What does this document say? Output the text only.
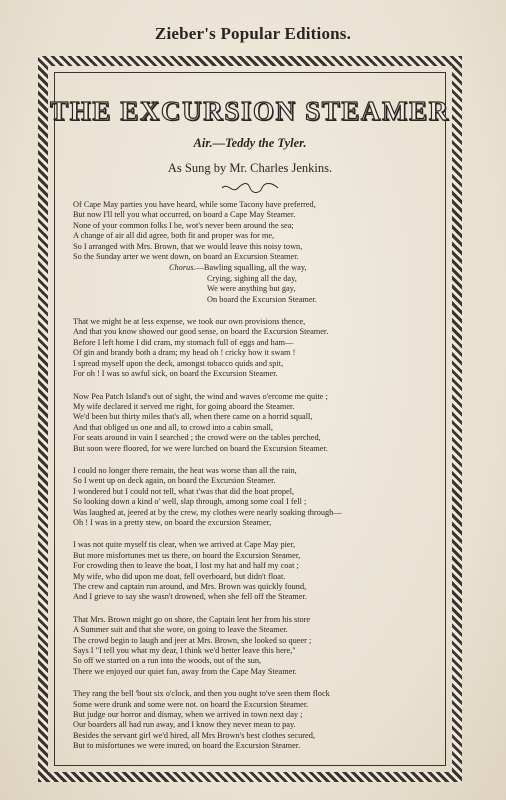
Zieber's Popular Editions.
THE EXCURSION STEAMER
Air.—Teddy the Tyler.
As Sung by Mr. Charles Jenkins.
Of Cape May parties you have heard, while some Tacony have preferred,
But now I'll tell you what occurred, on board a Cape May Steamer.
None of your common folks I be, wot's never been around the sea;
A change of air all did agree, both fit and proper was for me,
So I arranged with Mrs. Brown, that we would leave this noisy town,
So the Sunday arter we went down, on board an Excursion Steamer.
Chorus.—Bawling squalling, all the way,
Crying, sighing all the day,
We were anything but gay,
On board the Excursion Steamer.
That we might be at less expense, we took our own provisions thence,
And that you know showed our good sense, on board the Excursion Steamer.
Before I left home I did cram, my stomach full of eggs and ham—
Of gin and brandy both a dram; my head oh ! cricky how it swam !
I spread myself upon the deck, amongst tobacco quids and spit,
For oh ! I was so awful sick, on board the Excursion Steamer.
Now Pea Patch Island's out of sight, the wind and waves o'ercome me quite ;
My wife declared it served me right, for going aboard the Steamer.
We'd been but thirty miles that's all, when there came on a horrid squall,
And that obliged us one and all, to crowd into a cabin small,
For seats around in vain I searched ; the crowd were on the tables perched,
But soon were floored, for we were lurched on board the Excursion Steamer.
I could no longer there remain, the heat was worse than all the rain,
So I went up on deck again, on board the Excursion Steamer.
I wondered but I could not tell, what t'was that did the boat propel,
So looking down a kind o' well, slap through, among some coal I fell ;
Was laughed at, jeered at by the crew, my clothes were nearly soaking through—
Oh ! I was in a pretty stew, on board the excursion Steamer,
I was not quite myself tis clear, when we arrived at Cape May pier,
But more misfortunes met us there, on board the Excursion Steamer,
For crowding then to leave the boat, I lost my hat and half my coat ;
My wife, who did upon me doat, fell overboard, but didn't float.
The crew and captain run around, and Mrs. Brown was quickly found,
And I grieve to say she wasn't drowned, when she fell off the Steamer.
That Mrs. Brown might go on shore, the Captain lent her from his store
A Summer suit and that she wore, on going to leave the Steamer.
The crowd begin to laugh and jeer at Mrs. Brown, she looked so queer ;
Says I "I tell you what my dear, I think we'd better leave this here,"
So off we started on a run into the woods, out of the sun,
There we enjoyed our quiet fun, away from the Cape May Steamer.
They rang the bell 'bout six o'clock, and then you ought to've seen them flock
Some were drunk and some were not. on board the Excursion Steamer.
But judge our horror and dismay, when we arrived in town next day ;
Our boarders all had run away, and I know they never mean to pay.
Besides the servant girl we'd hired, all Mrs Brown's best clothes secured,
But to misfortunes we were inured, on board the Excursion Steamer.
